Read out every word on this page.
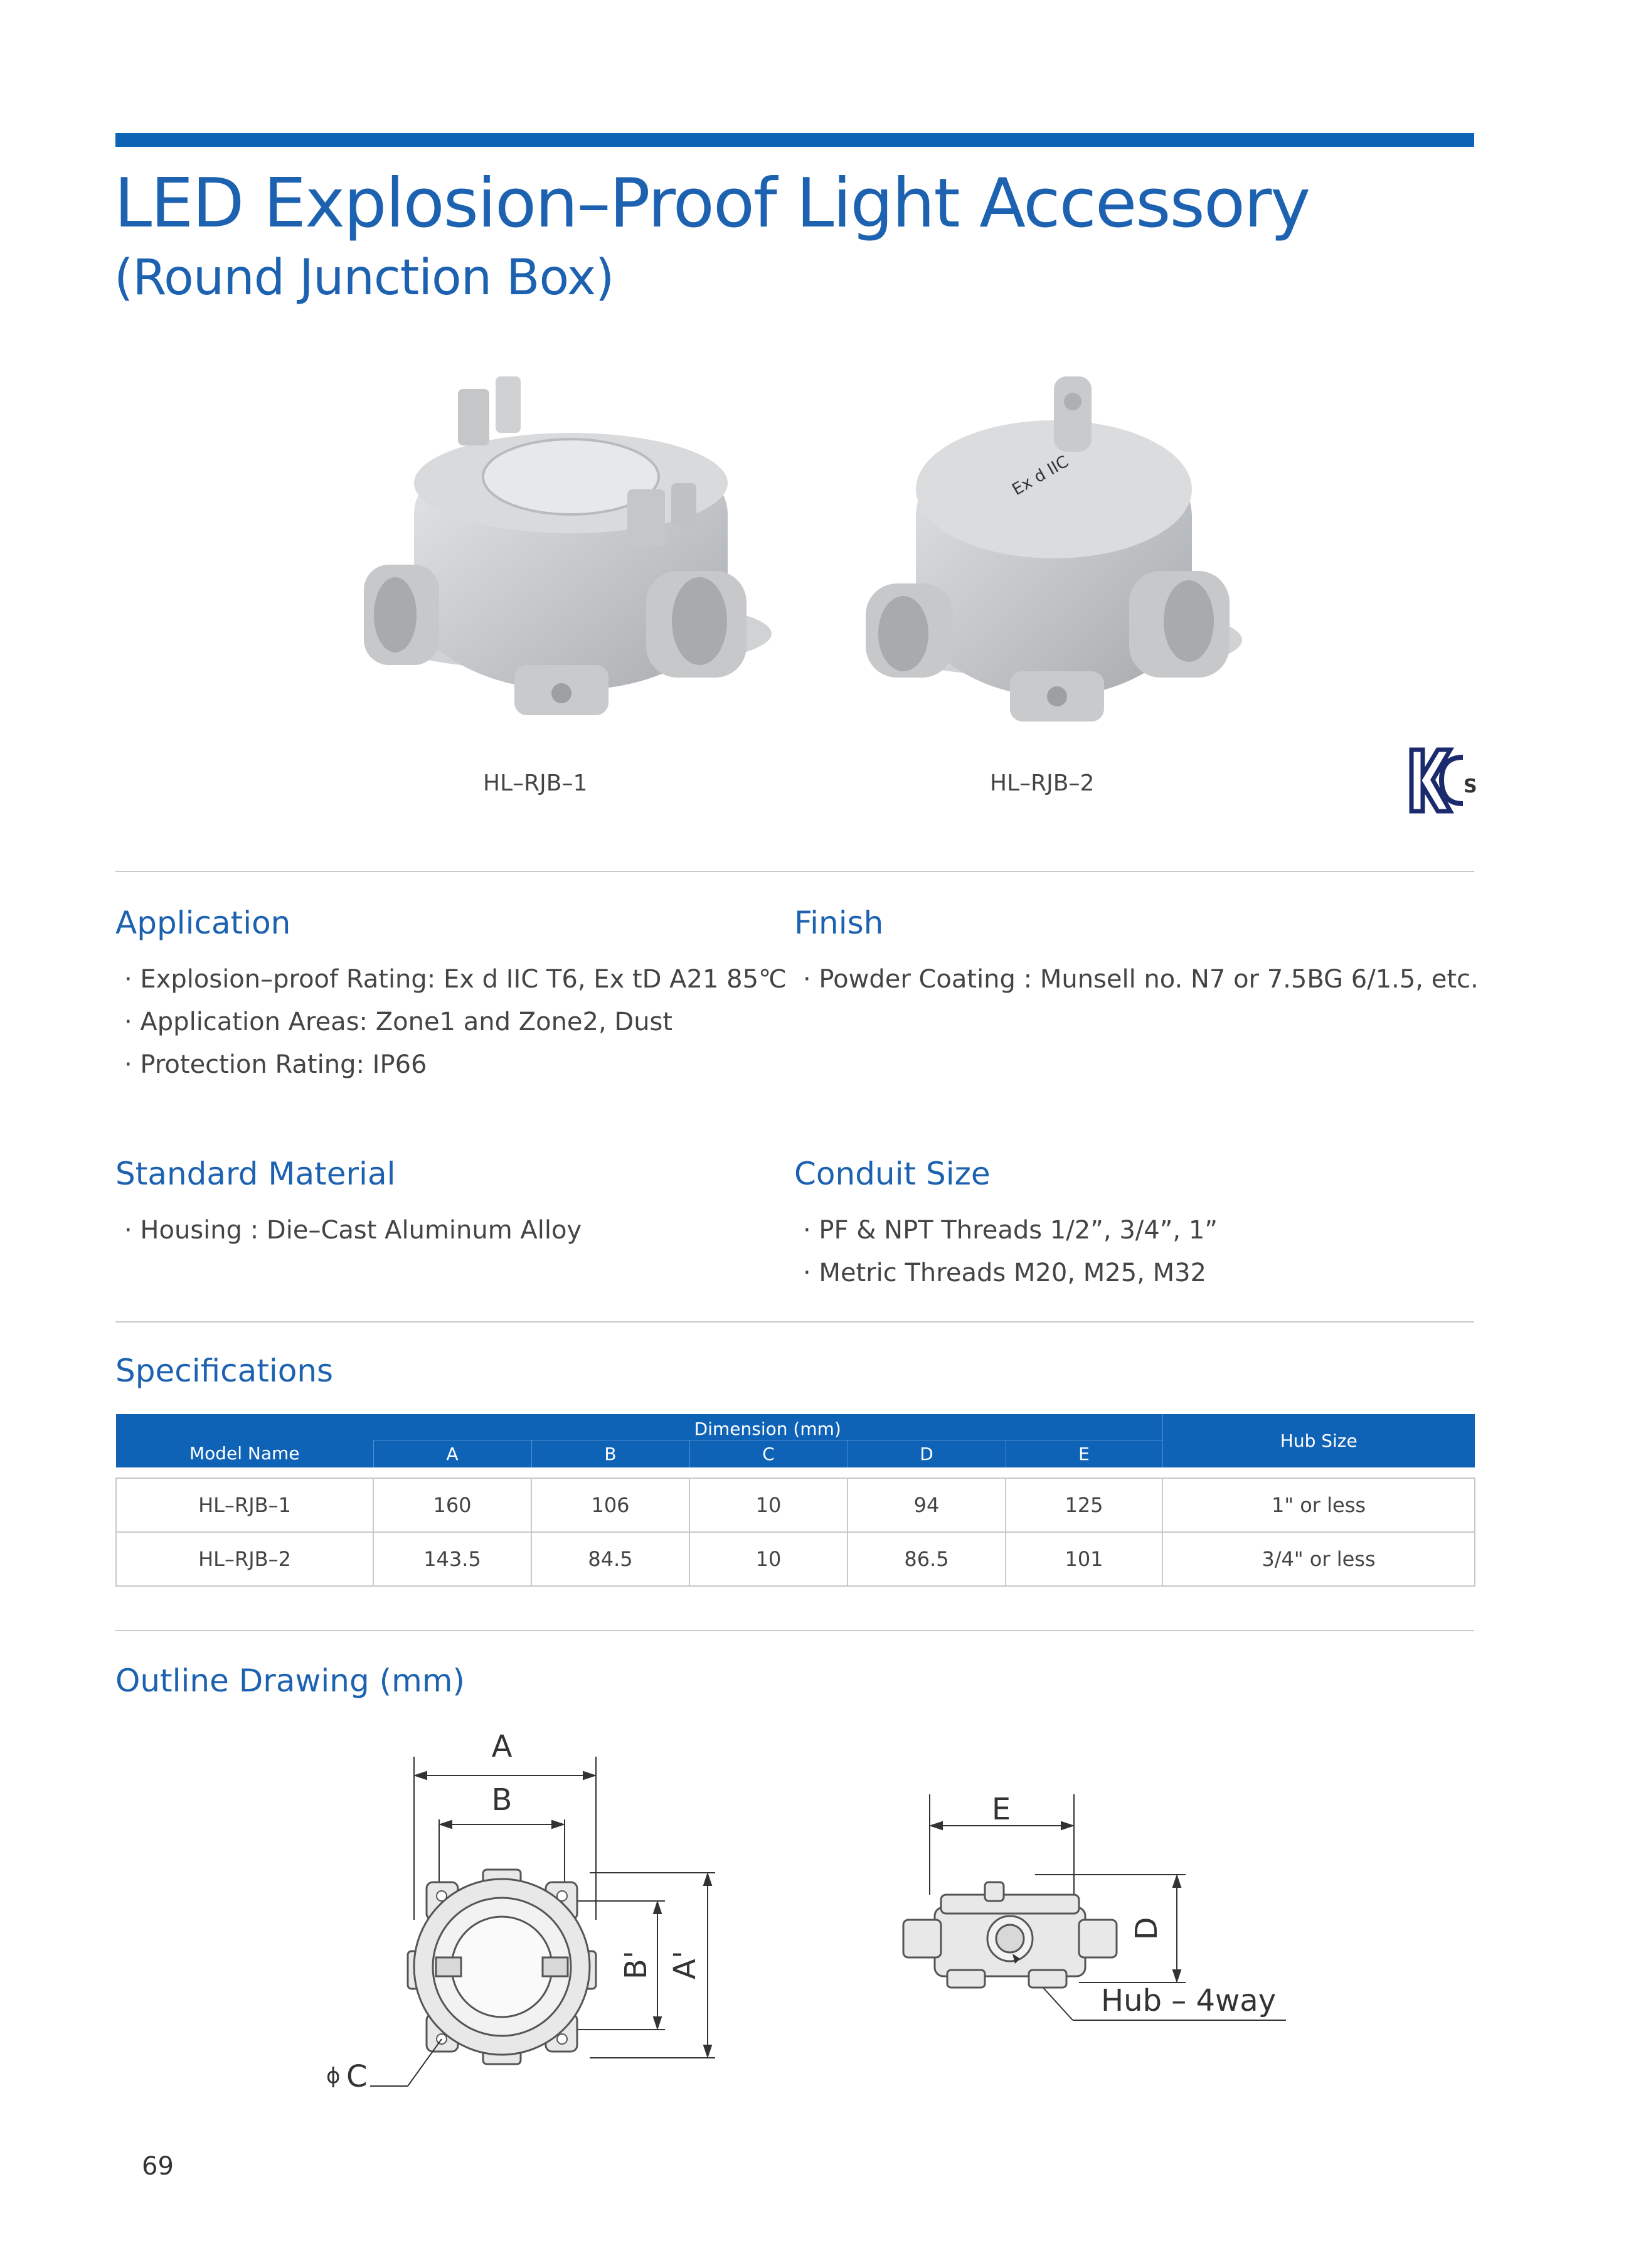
LED Explosion–Proof Light Accessory
(Round Junction Box)
Ex d IIC
HL–RJB–1	HL–RJB–2	S
Application
· Explosion–proof Rating: Ex d IIC T6, Ex tD A21 85℃
· Application Areas: Zone1 and Zone2, Dust
· Protection Rating: IP66
Finish
· Powder Coating : Munsell no. N7 or 7.5BG 6/1.5, etc.
Standard Material
· Housing : Die–Cast Aluminum Alloy
Conduit Size
· PF & NPT Threads 1/2”, 3/4”, 1”
· Metric Threads M20, M25, M32
Specifications
Model Name	Dimension (mm)					Hub Size
	A	B	C	D	E	

HL–RJB–1	160	106	10	94	125	1" or less
HL–RJB–2	143.5	84.5	10	86.5	101	3/4" or less
Outline Drawing (mm)
A
B
B' A'
ϕ C
E
D
Hub – 4way
69
